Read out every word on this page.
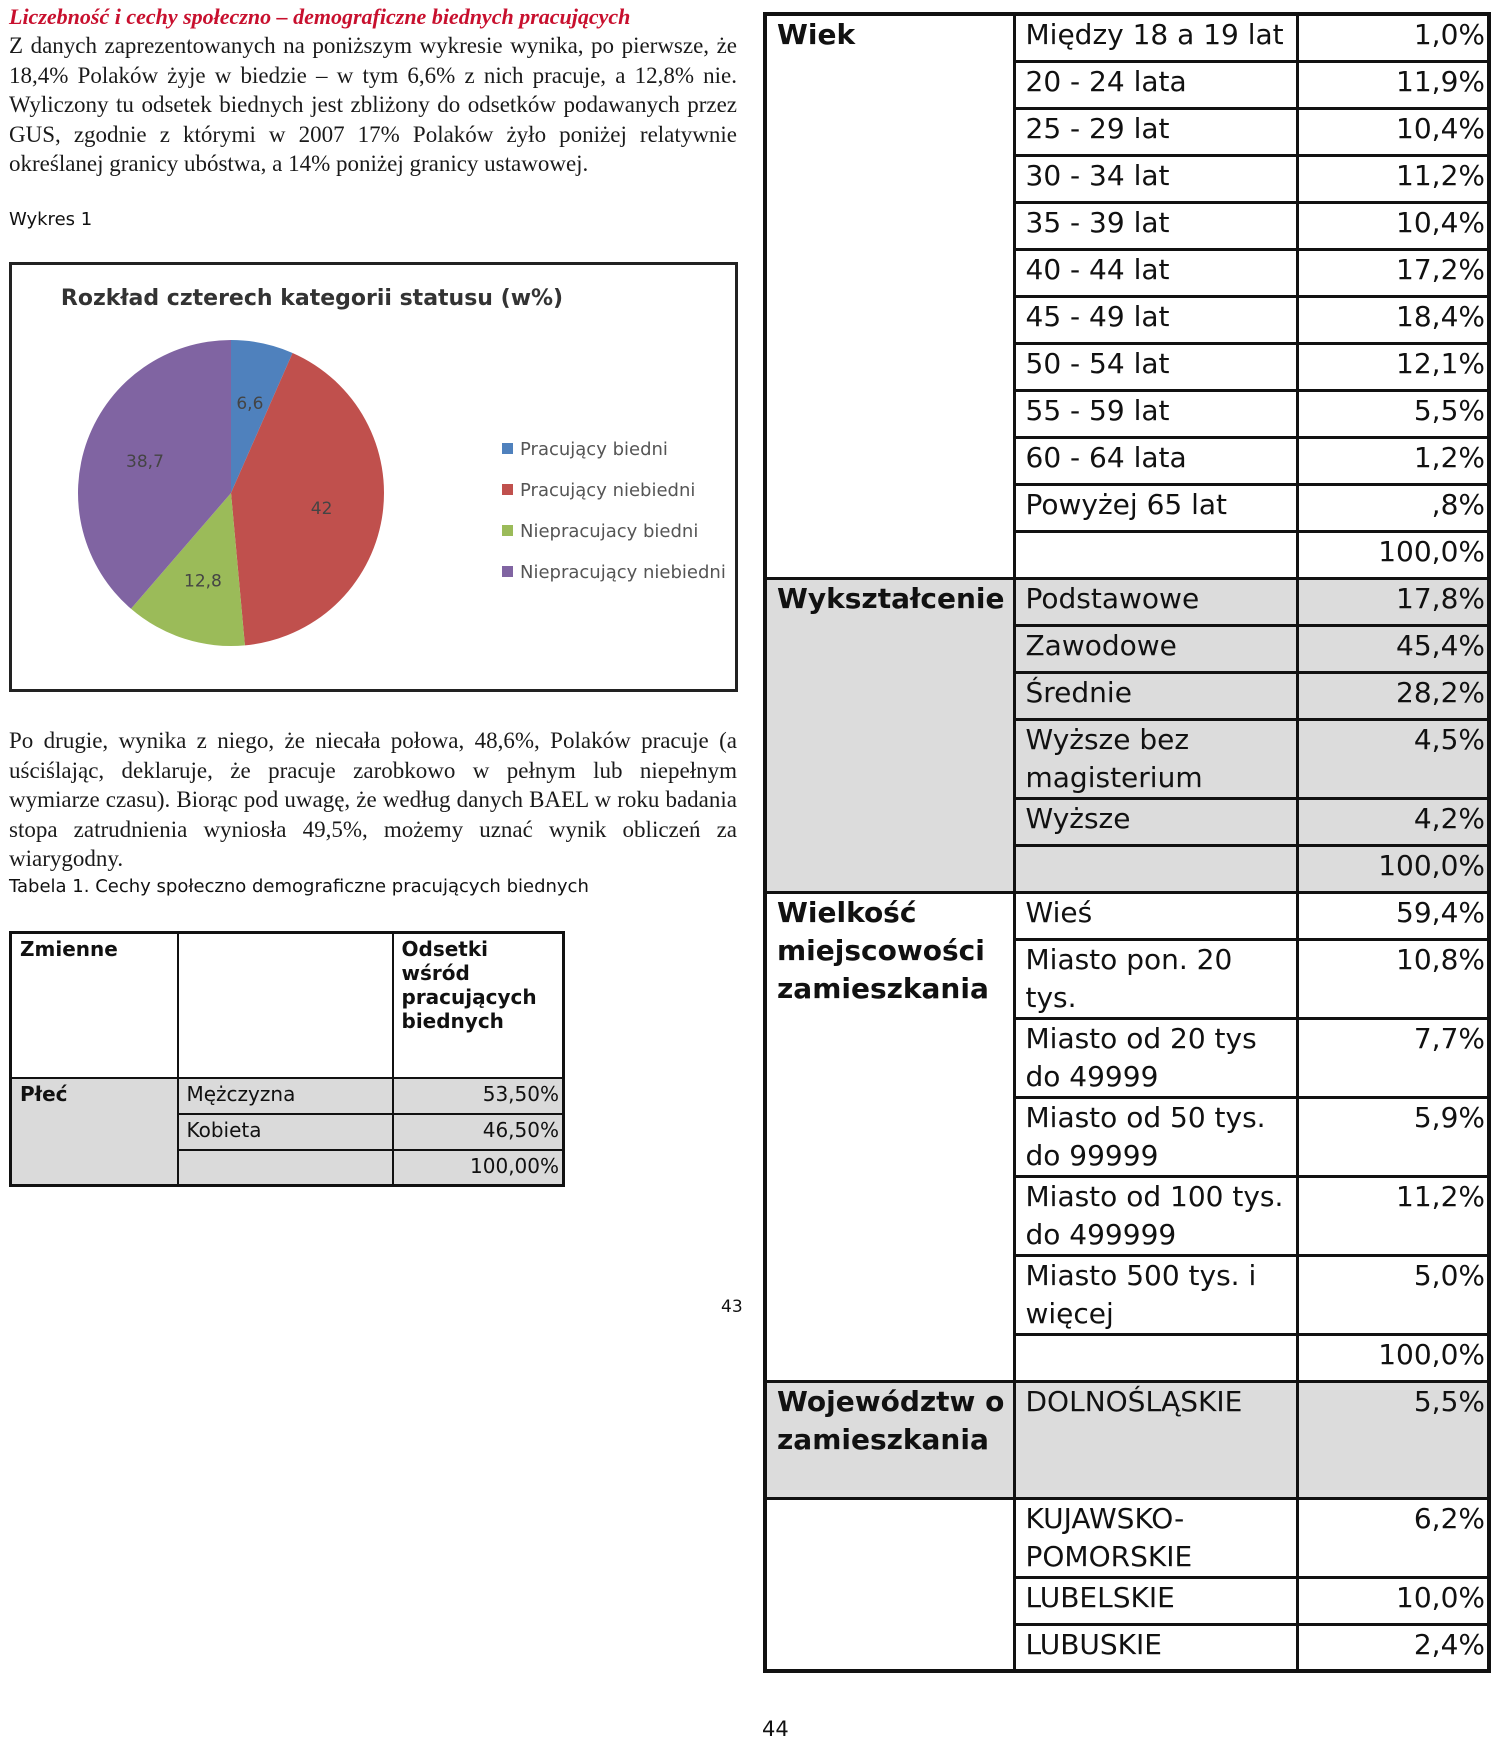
Liczebność i cechy społeczno – demograficzne biednych pracujących

Z danych zaprezentowanych na poniższym wykresie wynika, po pierwsze, że 18,4% Polaków żyje w biedzie – w tym 6,6% z nich pracuje, a 12,8% nie. Wyliczony tu odsetek biednych jest zbliżony do odsetków podawanych przez GUS, zgodnie z którymi w 2007 17% Polaków żyło poniżej relatywnie określanej granicy ubóstwa, a 14% poniżej granicy ustawowej.

Wykres 1

Rozkład czterech kategorii statusu (w%)
6,6
42
12,8
38,7
Pracujący biedni
Pracujący niebiedni
Niepracujacy biedni
Niepracujący niebiedni

Po drugie, wynika z niego, że niecała połowa, 48,6%, Polaków pracuje (a uściślając, deklaruje, że pracuje zarobkowo w pełnym lub niepełnym wymiarze czasu). Biorąc pod uwagę, że według danych BAEL w roku badania stopa zatrudnienia wyniosła 49,5%, możemy uznać wynik obliczeń za wiarygodny.

Tabela 1. Cechy społeczno demograficzne pracujących biednych

Zmienne		Odsetki wśród pracujących biednych
Płeć	Mężczyzna	53,50%
	Kobieta	46,50%
		100,00%
43
Wiek	Między 18 a 19 lat	1,0%
	20 - 24 lata	11,9%
	25 - 29 lat	10,4%
	30 - 34 lat	11,2%
	35 - 39 lat	10,4%
	40 - 44 lat	17,2%
	45 - 49 lat	18,4%
	50 - 54 lat	12,1%
	55 - 59 lat	5,5%
	60 - 64 lata	1,2%
	Powyżej 65 lat	,8%
		100,0%
Wykształcenie	Podstawowe	17,8%
	Zawodowe	45,4%
	Średnie	28,2%
	Wyższe bez magisterium	4,5%
	Wyższe	4,2%
		100,0%
Wielkość miejscowości zamieszkania	Wieś	59,4%
	Miasto pon. 20 tys.	10,8%
	Miasto od 20 tys do 49999	7,7%
	Miasto od 50 tys. do 99999	5,9%
	Miasto od 100 tys. do 499999	11,2%
	Miasto 500 tys. i więcej	5,0%
		100,0%
Województw o zamieszkania	DOLNOŚLĄSKIE	5,5%
	KUJAWSKO-POMORSKIE	6,2%
	LUBELSKIE	10,0%
	LUBUSKIE	2,4%
44
